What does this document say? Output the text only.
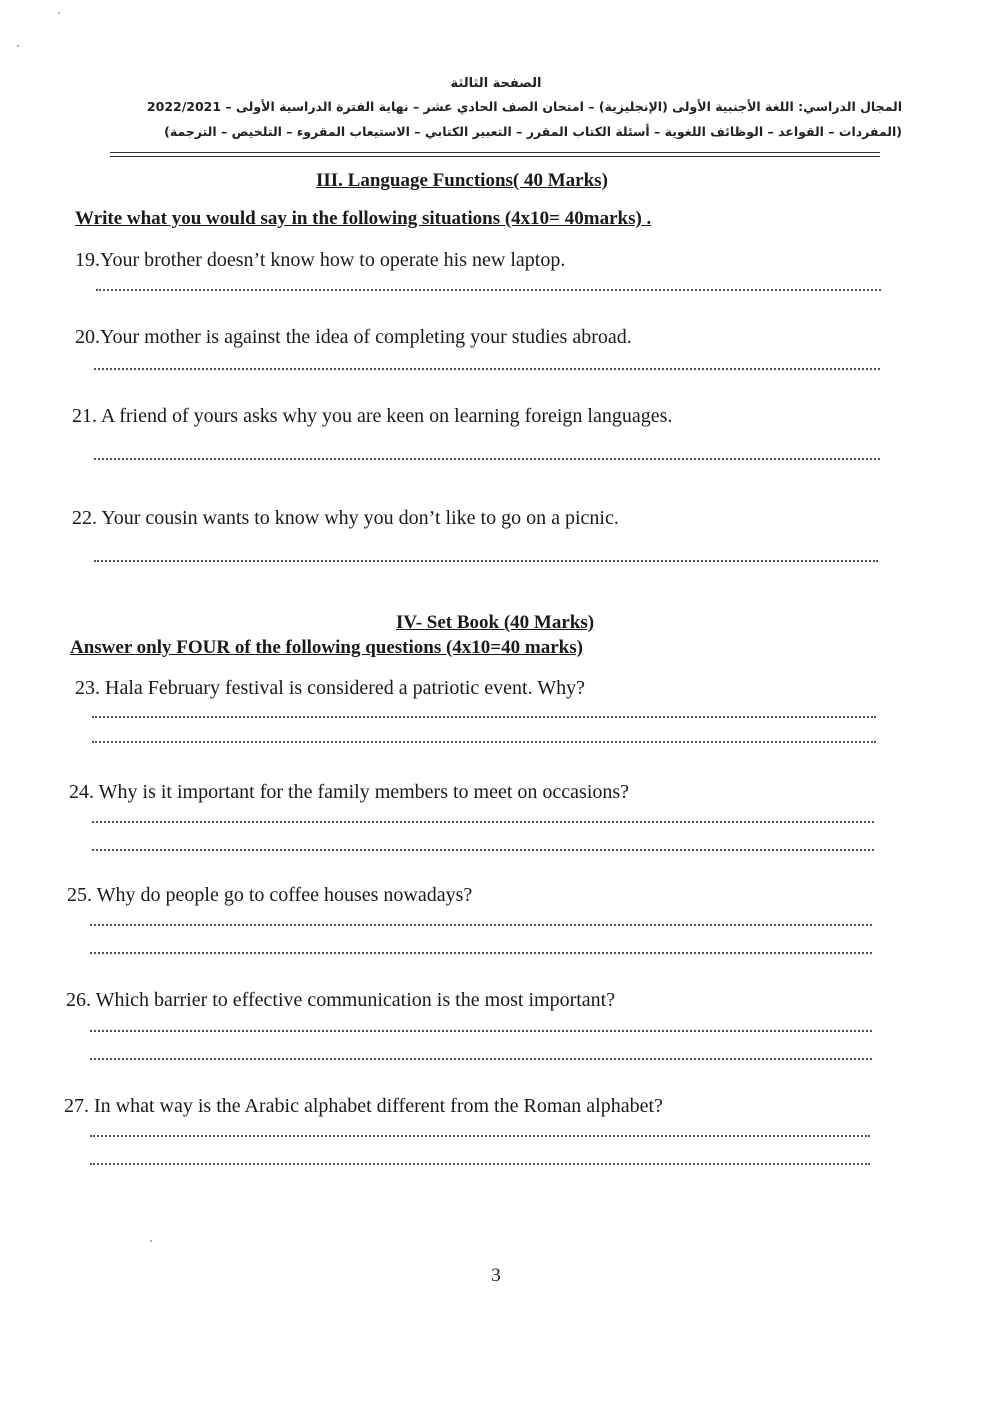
الصفحة الثالثة
المجال الدراسي: اللغة الأجنبية الأولى (الإنجليزية) – امتحان الصف الحادي عشر – نهاية الفترة الدراسية الأولى – 2022/2021
(المفردات – القواعد – الوظائف اللغوية – أسئلة الكتاب المقرر – التعبير الكتابي – الاستيعاب المقروء – التلخيص – الترجمة)
III. Language Functions( 40 Marks)
Write what you would say in the following situations (4x10= 40marks) .
19.Your brother doesn’t know how to operate his new laptop.
20.Your mother is against the idea of completing your studies abroad.
21. A friend of yours asks why you are keen on learning foreign languages.
22. Your cousin wants to know why you don’t like to go on a picnic.
IV- Set Book (40 Marks)
Answer only FOUR of the following questions (4x10=40 marks)
23. Hala February festival is considered a patriotic event. Why?
24. Why is it important for the family members to meet on occasions?
25. Why do people go to coffee houses nowadays?
26. Which barrier to effective communication is the most important?
27. In what way is the Arabic alphabet different from the Roman alphabet?
3
